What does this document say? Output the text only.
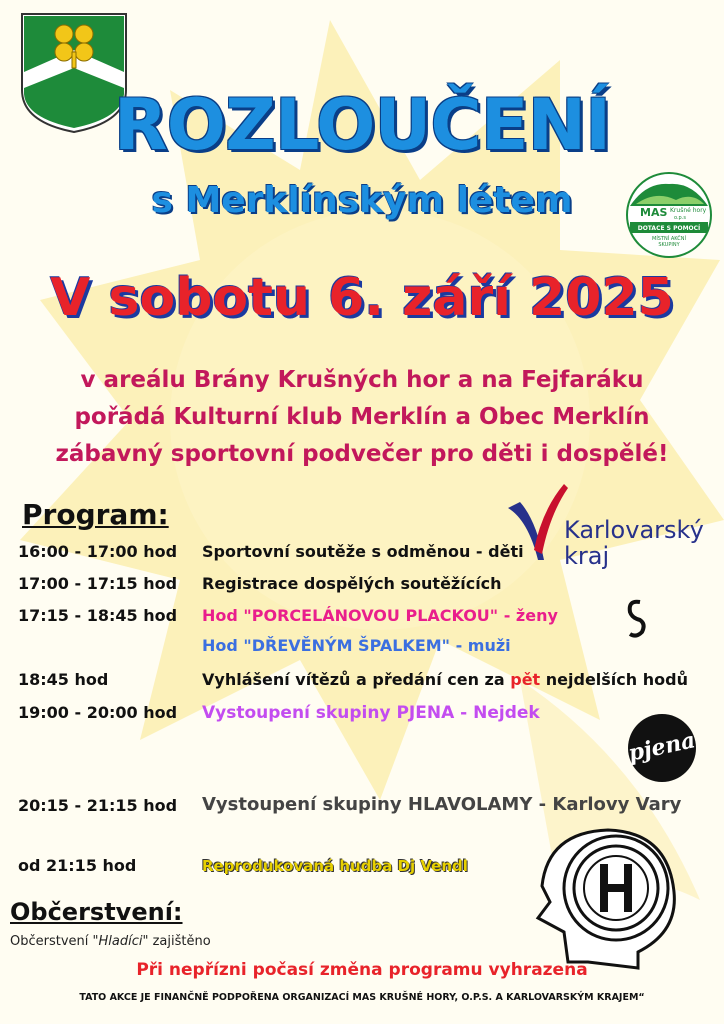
ROZLOUČENÍ
s Merklínským létem	MAS Krušné hory
o.p.s
DOTACE S POMOCÍ
MÍSTNÍ AKČNÍ
SKUPINY
V sobotu 6. září 2025
v areálu Brány Krušných hor a na Fejfaráku
pořádá Kulturní klub Merklín a Obec Merklín
zábavný sportovní podvečer pro děti i dospělé!
Program:	Karlovarský
kraj
16:00 - 17:00 hod Sportovní soutěže s odměnou - děti
17:00 - 17:15 hod Registrace dospělých soutěžících
17:15 - 18:45 hod Hod "PORCELÁNOVOU PLACKOU" - ženy
Hod "DŘEVĚNÝM ŠPALKEM" - muži
18:45 hod	Vyhlášení vítězů a předání cen za pět nejdelších hodů
19:00 - 20:00 hod Vystoupení skupiny PJENA - Nejdek
pjena
20:15 - 21:15 hod Vystoupení skupiny HLAVOLAMY - Karlovy Vary
od 21:15 hod	Reprodukovaná hudba Dj Vendl
Občerstvení:
Občerstvení "Hladíci" zajištěno
Při nepřízni počasí změna programu vyhrazena
TATO AKCE JE FINANČNĚ PODPOŘENA ORGANIZACÍ MAS KRUŠNÉ HORY, O.P.S. A KARLOVARSKÝM KRAJEM“
